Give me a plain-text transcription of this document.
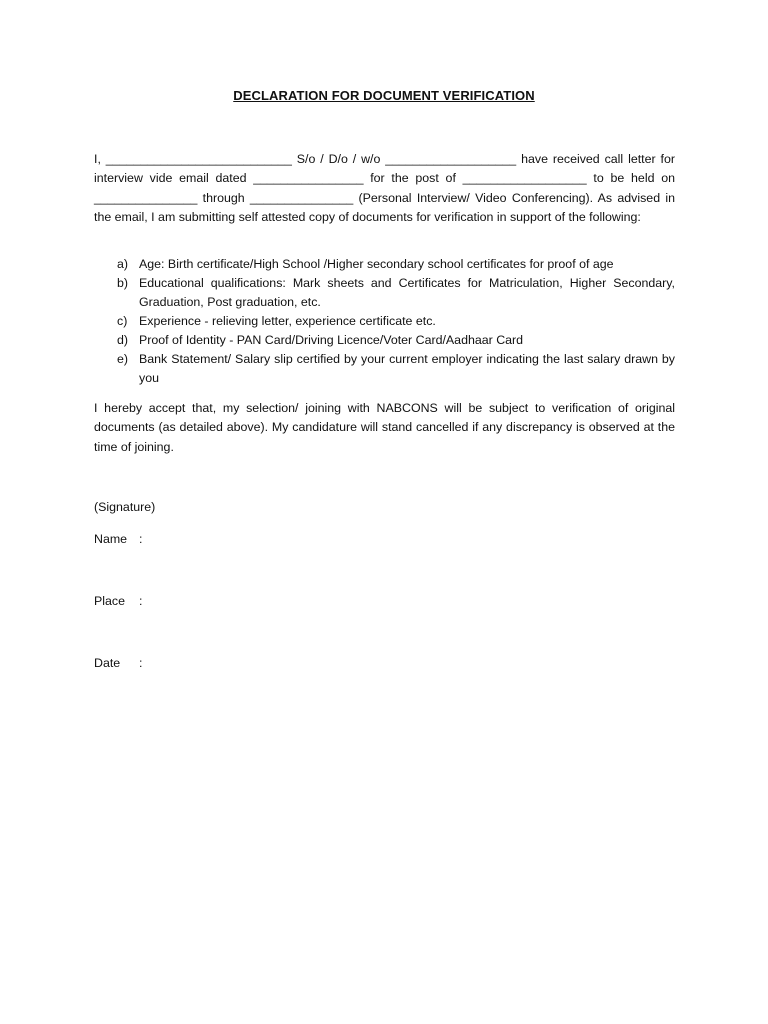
DECLARATION FOR DOCUMENT VERIFICATION
I, ___________________________ S/o / D/o / w/o ___________________ have received call letter for interview vide email dated ________________ for the post of __________________ to be held on _______________ through _______________ (Personal Interview/ Video Conferencing). As advised in the email, I am submitting self attested copy of documents for verification in support of the following:
a) Age: Birth certificate/High School /Higher secondary school certificates for proof of age
b) Educational qualifications: Mark sheets and Certificates for Matriculation, Higher Secondary, Graduation, Post graduation, etc.
c) Experience - relieving letter, experience certificate etc.
d) Proof of Identity - PAN Card/Driving Licence/Voter Card/Aadhaar Card
e) Bank Statement/ Salary slip certified by your current employer indicating the last salary drawn by you
I hereby accept that, my selection/ joining with NABCONS will be subject to verification of original documents (as detailed above). My candidature will stand cancelled if any discrepancy is observed at the time of joining.
(Signature)
Name :
Place :
Date :
